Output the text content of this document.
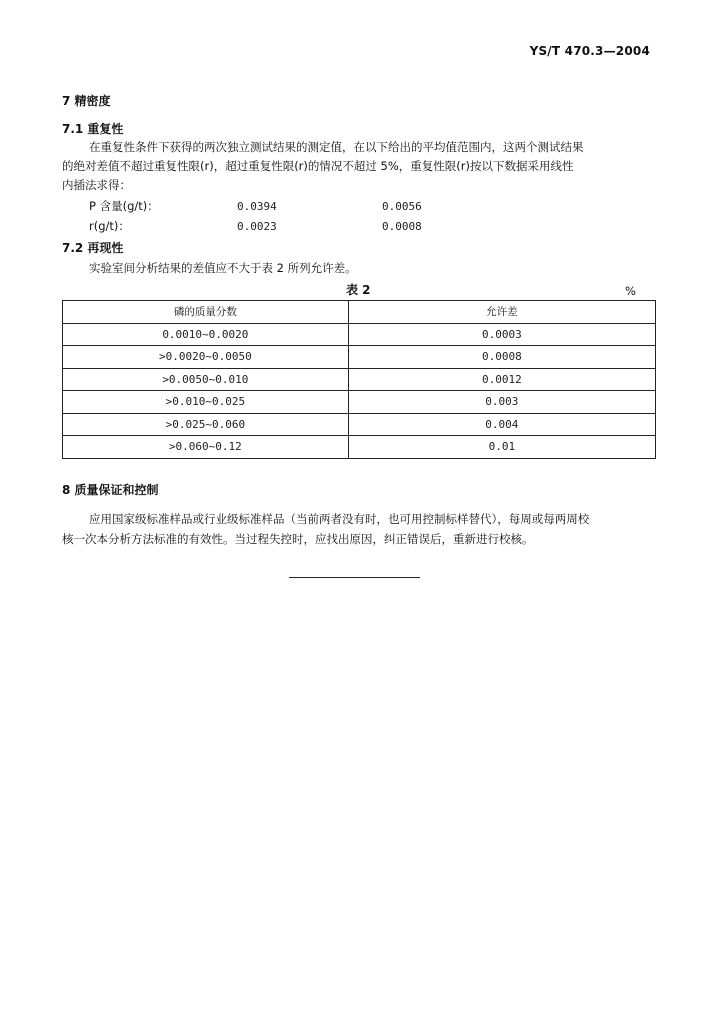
YS/T 470.3—2004
7 精密度
7.1 重复性
在重复性条件下获得的两次独立测试结果的测定值，在以下给出的平均值范围内，这两个测试结果
的绝对差值不超过重复性限(r)，超过重复性限(r)的情况不超过 5%，重复性限(r)按以下数据采用线性
内插法求得：
P 含量(g/t)：	0.0394	0.0056
r(g/t)：	0.0023	0.0008
7.2 再现性
实验室间分析结果的差值应不大于表 2 所列允许差。
表 2	%
磷的质量分数	允许差
0.0010~0.0020	0.0003
>0.0020~0.0050	0.0008
>0.0050~0.010	0.0012
>0.010~0.025	0.003
>0.025~0.060	0.004
>0.060~0.12	0.01
8 质量保证和控制
应用国家级标准样品或行业级标准样品（当前两者没有时，也可用控制标样替代），每周或每两周校
核一次本分析方法标准的有效性。当过程失控时，应找出原因，纠正错误后，重新进行校核。
